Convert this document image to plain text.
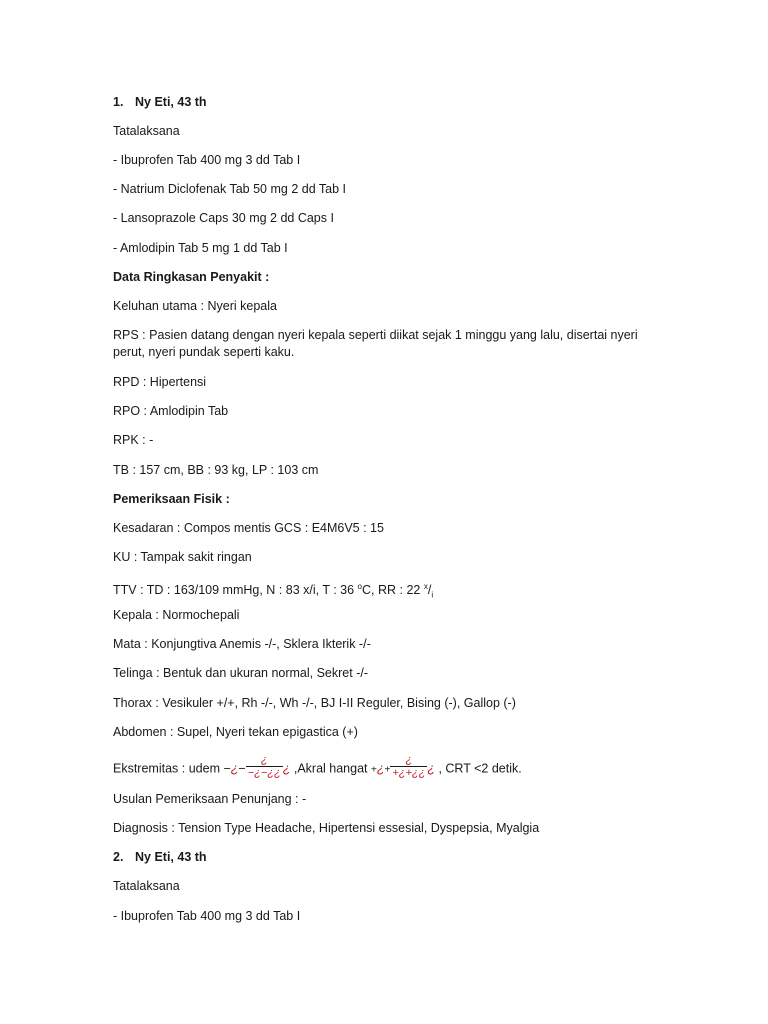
1. Ny Eti, 43 th
Tatalaksana
- Ibuprofen Tab 400 mg 3 dd Tab I
- Natrium Diclofenak Tab 50 mg 2 dd Tab I
- Lansoprazole Caps 30 mg 2 dd Caps I
- Amlodipin Tab 5 mg 1 dd Tab I
Data Ringkasan Penyakit :
Keluhan utama : Nyeri kepala
RPS : Pasien datang dengan nyeri kepala seperti diikat sejak 1 minggu yang lalu, disertai nyeri perut, nyeri pundak seperti kaku.
RPD : Hipertensi
RPO : Amlodipin Tab
RPK : -
TB : 157 cm, BB : 93 kg, LP : 103 cm
Pemeriksaan Fisik :
Kesadaran : Compos mentis GCS : E4M6V5 : 15
KU : Tampak sakit ringan
TTV : TD : 163/109 mmHg, N : 83 x/i, T : 36 $^o$C, RR : 22 $^x/_i$
Kepala : Normochepali
Mata : Konjungtiva Anemis -/-, Sklera Ikterik -/-
Telinga : Bentuk dan ukuran normal, Sekret -/-
Thorax : Vesikuler +/+, Rh -/-, Wh -/-, BJ I-II Reguler, Bising (-), Gallop (-)
Abdomen : Supel, Nyeri tekan epigastica (+)
Ekstremitas : udem −¿− $\frac{¿}{-¿-¿¿}$ ¿ ,Akral hangat +¿+ $\frac{¿}{+¿+¿¿}$ ¿ , CRT <2 detik.
Usulan Pemeriksaan Penunjang : -
Diagnosis : Tension Type Headache, Hipertensi essesial, Dyspepsia, Myalgia
2. Ny Eti, 43 th
Tatalaksana
- Ibuprofen Tab 400 mg 3 dd Tab I
